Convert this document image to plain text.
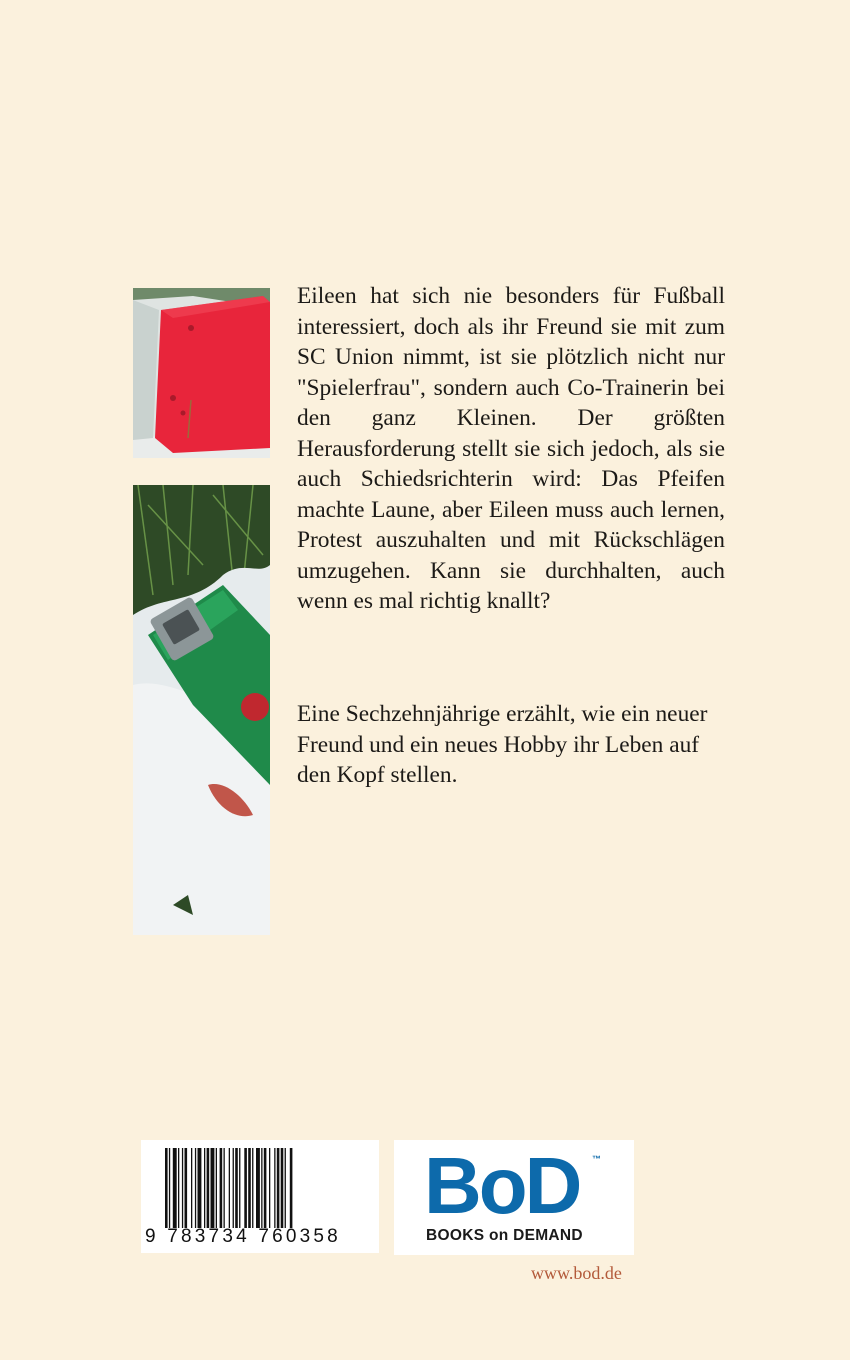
Eileen hat sich nie besonders für Fußball interessiert, doch als ihr Freund sie mit zum SC Union nimmt, ist sie plötzlich nicht nur "Spielerfrau", sondern auch Co-Trainerin bei den ganz Kleinen. Der größten Herausforderung stellt sie sich jedoch, als sie auch Schiedsrichterin wird: Das Pfeifen machte Laune, aber Eileen muss auch lernen, Protest auszuhalten und mit Rückschlägen umzugehen. Kann sie durchhalten, auch wenn es mal richtig knallt?

Eine Sechzehnjährige erzählt, wie ein neuer Freund und ein neues Hobby ihr Leben auf den Kopf stellen.

9 783734 760358
BoD ™
BOOKS on DEMAND
www.bod.de
